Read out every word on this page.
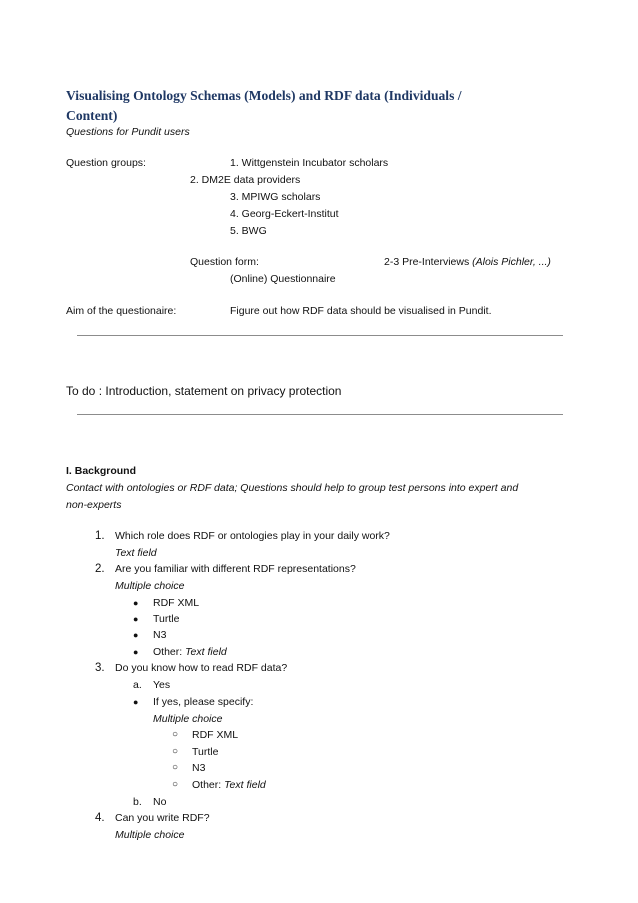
Visualising Ontology Schemas (Models) and RDF data (Individuals /
Content)
Questions for Pundit users
Question groups:	1. Wittgenstein Incubator scholars
2. DM2E data providers
3. MPIWG scholars
4. Georg-Eckert-Institut
5. BWG
Question form:	2-3 Pre-Interviews (Alois Pichler, ...)
(Online) Questionnaire
Aim of the questionaire:	Figure out how RDF data should be visualised in Pundit.
To do : Introduction, statement on privacy protection
I. Background
Contact with ontologies or RDF data; Questions should help to group test persons into expert and
non-experts
1. Which role does RDF or ontologies play in your daily work?
Text field
2. Are you familiar with different RDF representations?
Multiple choice
● RDF XML
● Turtle
● N3
● Other: Text field
3. Do you know how to read RDF data?
a. Yes
● If yes, please specify:
Multiple choice
○ RDF XML
○ Turtle
○ N3
○ Other: Text field
b. No
4. Can you write RDF?
Multiple choice
